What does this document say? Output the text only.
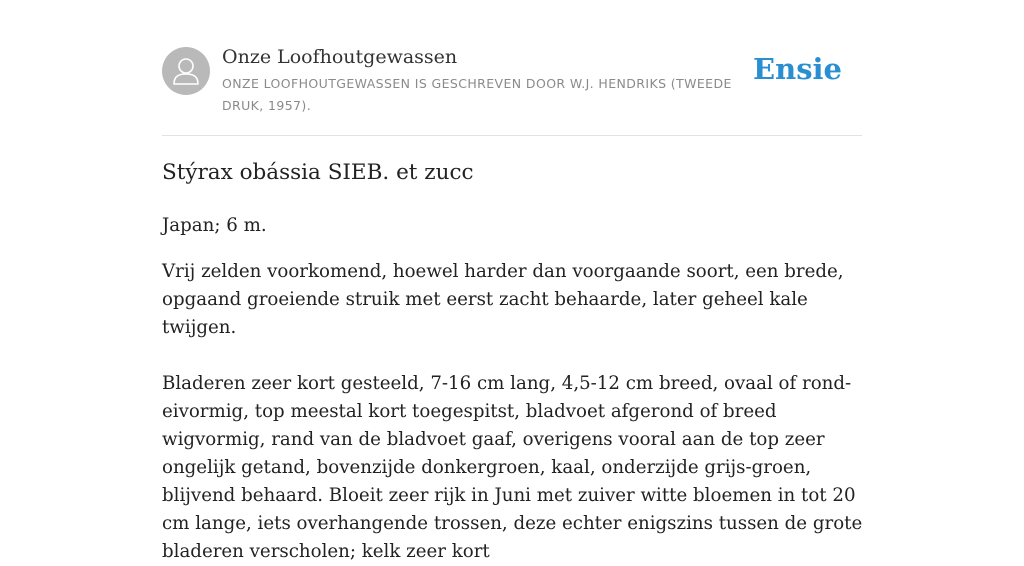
Onze Loofhoutgewassen
ONZE LOOFHOUTGEWASSEN IS GESCHREVEN DOOR W.J. HENDRIKS (TWEEDE DRUK, 1957).
Ensie
Stýrax obássia SIEB. et zucc

Japan; 6 m.

Vrij zelden voorkomend, hoewel harder dan voorgaande soort, een brede, opgaand groeiende struik met eerst zacht behaarde, later geheel kale twijgen.

Bladeren zeer kort gesteeld, 7-16 cm lang, 4,5-12 cm breed, ovaal of rond-eivormig, top meestal kort toegespitst, bladvoet afgerond of breed wigvormig, rand van de bladvoet gaaf, overigens vooral aan de top zeer ongelijk getand, bovenzijde donkergroen, kaal, onderzijde grijs-groen, blijvend behaard. Bloeit zeer rijk in Juni met zuiver witte bloemen in tot 20 cm lange, iets overhangende trossen, deze echter enigszins tussen de grote bladeren verscholen; kelk zeer kort
